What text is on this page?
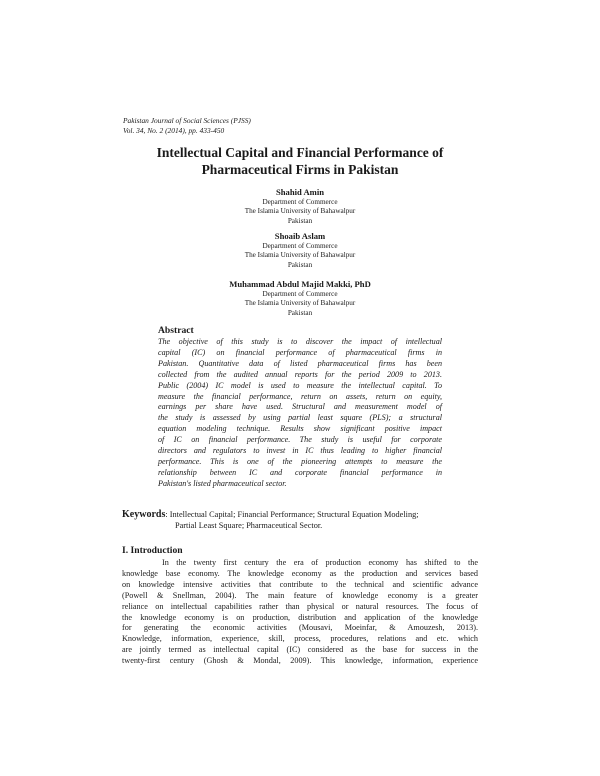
Pakistan Journal of Social Sciences (PJSS)
Vol. 34, No. 2 (2014), pp. 433-450
Intellectual Capital and Financial Performance of
Pharmaceutical Firms in Pakistan
Shahid Amin
Department of Commerce
The Islamia University of Bahawalpur
Pakistan
Shoaib Aslam
Department of Commerce
The Islamia University of Bahawalpur
Pakistan
Muhammad Abdul Majid Makki, PhD
Department of Commerce
The Islamia University of Bahawalpur
Pakistan
Abstract
The objective of this study is to discover the impact of intellectual
capital (IC) on financial performance of pharmaceutical firms in
Pakistan. Quantitative data of listed pharmaceutical firms has been
collected from the audited annual reports for the period 2009 to 2013.
Public (2004) IC model is used to measure the intellectual capital. To
measure the financial performance, return on assets, return on equity,
earnings per share have used. Structural and measurement model of
the study is assessed by using partial least square (PLS); a structural
equation modeling technique. Results show significant positive impact
of IC on financial performance. The study is useful for corporate
directors and regulators to invest in IC thus leading to higher financial
performance. This is one of the pioneering attempts to measure the
relationship between IC and corporate financial performance in
Pakistan's listed pharmaceutical sector.
Keywords: Intellectual Capital; Financial Performance; Structural Equation Modeling;
Partial Least Square; Pharmaceutical Sector.
I. Introduction
In the twenty first century the era of production economy has shifted to the
knowledge base economy. The knowledge economy as the production and services based
on knowledge intensive activities that contribute to the technical and scientific advance
(Powell & Snellman, 2004). The main feature of knowledge economy is a greater
reliance on intellectual capabilities rather than physical or natural resources. The focus of
the knowledge economy is on production, distribution and application of the knowledge
for generating the economic activities (Mousavi, Moeinfar, & Amouzesh, 2013).
Knowledge, information, experience, skill, process, procedures, relations and etc. which
are jointly termed as intellectual capital (IC) considered as the base for success in the
twenty-first century (Ghosh & Mondal, 2009). This knowledge, information, experience
